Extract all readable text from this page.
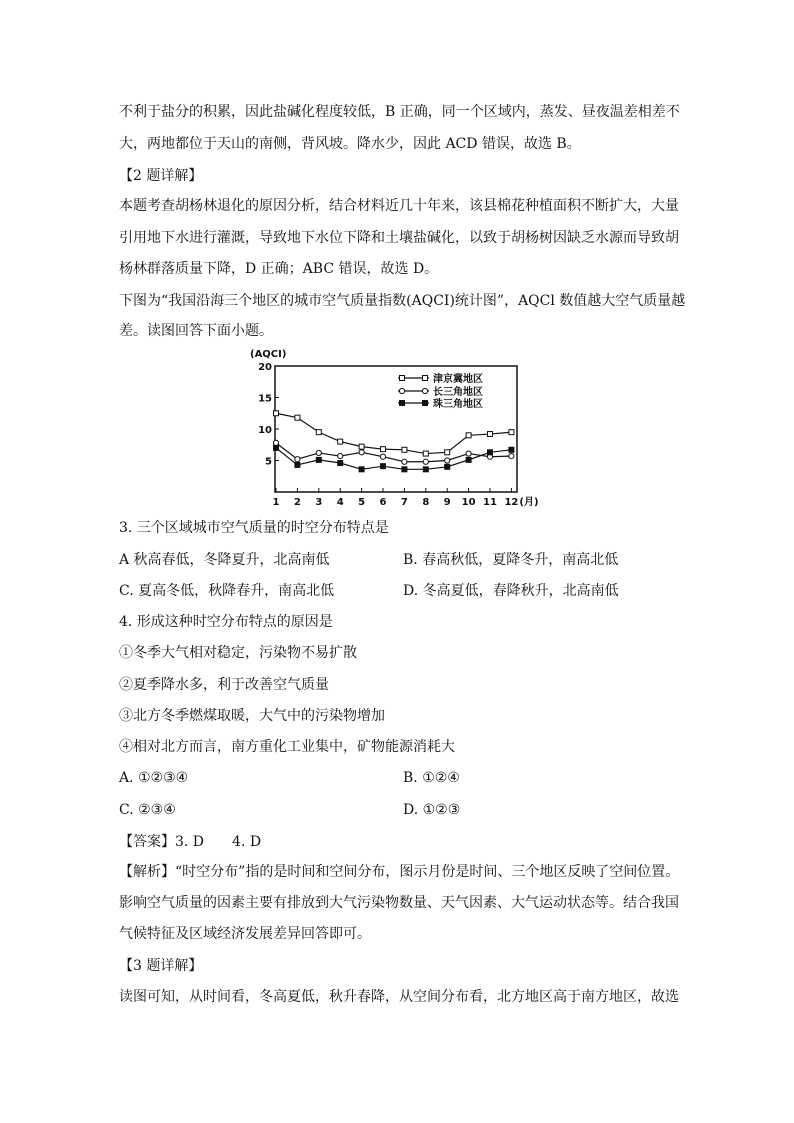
不利于盐分的积累，因此盐碱化程度较低，B 正确，同一个区域内，蒸发、昼夜温差相差不
大，两地都位于天山的南侧，背风坡。降水少，因此 ACD 错误，故选 B。
【2 题详解】
本题考查胡杨林退化的原因分析，结合材料近几十年来，该县棉花种植面积不断扩大，大量
引用地下水进行灌溉，导致地下水位下降和土壤盐碱化，以致于胡杨树因缺乏水源而导致胡
杨林群落质量下降，D 正确；ABC 错误，故选 D。
下图为“我国沿海三个地区的城市空气质量指数(AQCI)统计图”，AQCl 数值越大空气质量越
差。读图回答下面小题。
(AQCI)
5
10
15
20
1 2 3 4 5 6 7 8 9 10 11 12 (月)
津京冀地区
长三角地区
珠三角地区
3. 三个区域城市空气质量的时空分布特点是
A 秋高春低，冬降夏升，北高南低	B. 春高秋低，夏降冬升，南高北低
C. 夏高冬低，秋降春升，南高北低	D. 冬高夏低，春降秋升，北高南低
4. 形成这种时空分布特点的原因是
①冬季大气相对稳定，污染物不易扩散
②夏季降水多，利于改善空气质量
③北方冬季燃煤取暖，大气中的污染物增加
④相对北方而言，南方重化工业集中，矿物能源消耗大
A. ①②③④	B. ①②④
C. ②③④	D. ①②③
【答案】3. D　　4. D
【解析】“时空分布”指的是时间和空间分布，图示月份是时间、三个地区反映了空间位置。
影响空气质量的因素主要有排放到大气污染物数量、天气因素、大气运动状态等。结合我国
气候特征及区域经济发展差异回答即可。
【3 题详解】
读图可知，从时间看，冬高夏低，秋升春降，从空间分布看，北方地区高于南方地区，故选
